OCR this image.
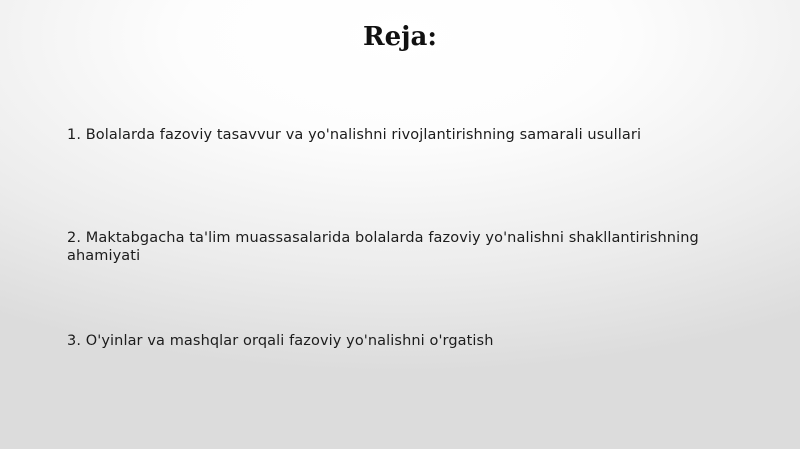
Reja:
1. Bolalarda fazoviy tasavvur va yo'nalishni rivojlantirishning samarali usullari
2. Maktabgacha ta'lim muassasalarida bolalarda fazoviy yo'nalishni shakllantirishning ahamiyati
3. O'yinlar va mashqlar orqali fazoviy yo'nalishni o'rgatish
